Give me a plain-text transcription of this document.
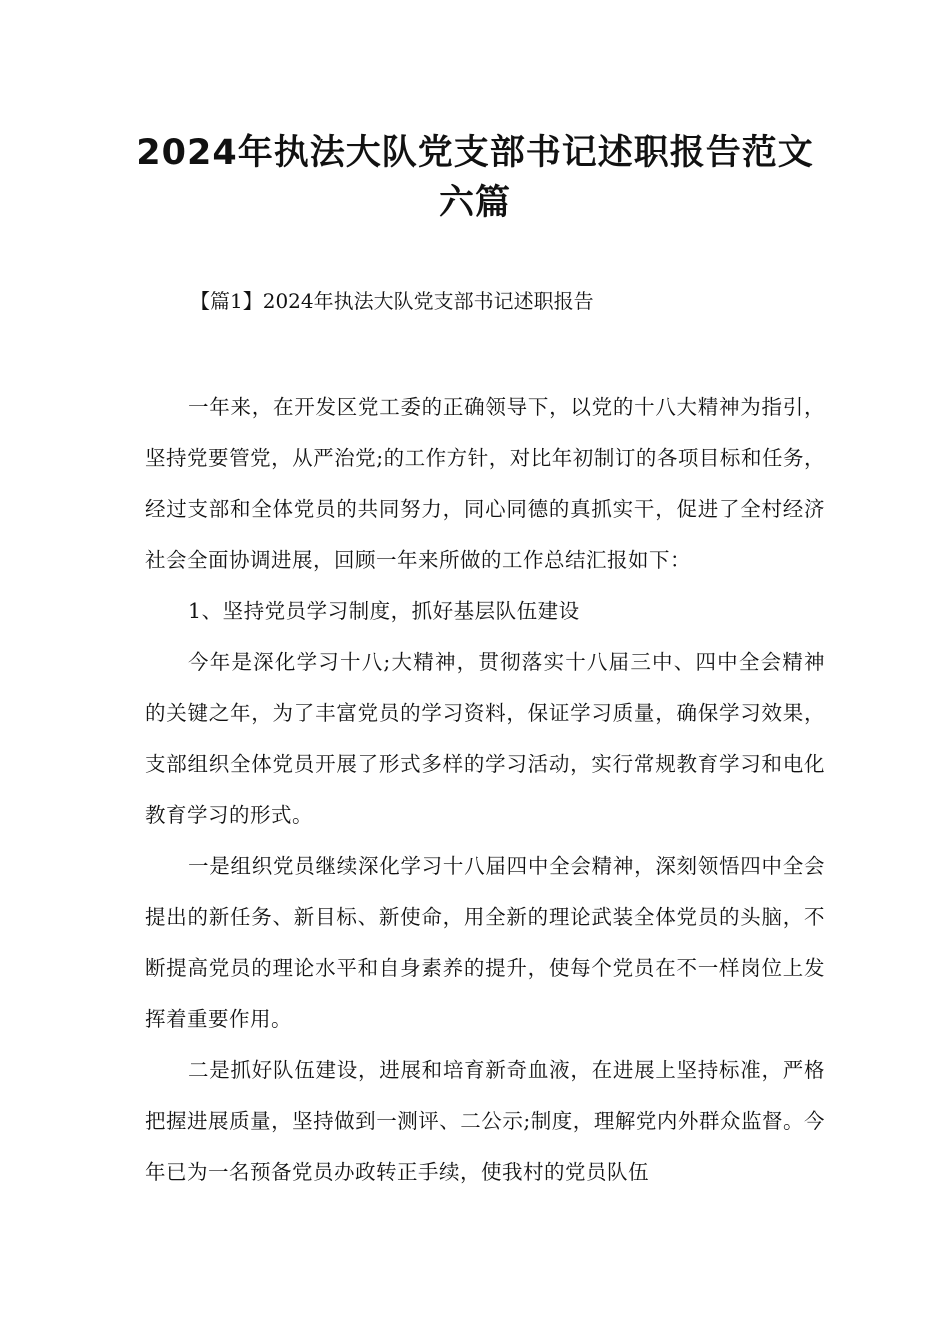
2024年执法大队党支部书记述职报告范文六篇
【篇1】2024年执法大队党支部书记述职报告

一年来，在开发区党工委的正确领导下，以党的十八大精神为指引，坚持党要管党，从严治党;的工作方针，对比年初制订的各项目标和任务，经过支部和全体党员的共同努力，同心同德的真抓实干，促进了全村经济社会全面协调进展，回顾一年来所做的工作总结汇报如下：

1、坚持党员学习制度，抓好基层队伍建设

今年是深化学习十八;大精神，贯彻落实十八届三中、四中全会精神的关键之年，为了丰富党员的学习资料，保证学习质量，确保学习效果，支部组织全体党员开展了形式多样的学习活动，实行常规教育学习和电化教育学习的形式。

一是组织党员继续深化学习十八届四中全会精神，深刻领悟四中全会提出的新任务、新目标、新使命，用全新的理论武装全体党员的头脑，不断提高党员的理论水平和自身素养的提升，使每个党员在不一样岗位上发挥着重要作用。

二是抓好队伍建设，进展和培育新奇血液，在进展上坚持标准，严格把握进展质量，坚持做到一测评、二公示;制度，理解党内外群众监督。今年已为一名预备党员办政转正手续，使我村的党员队伍
